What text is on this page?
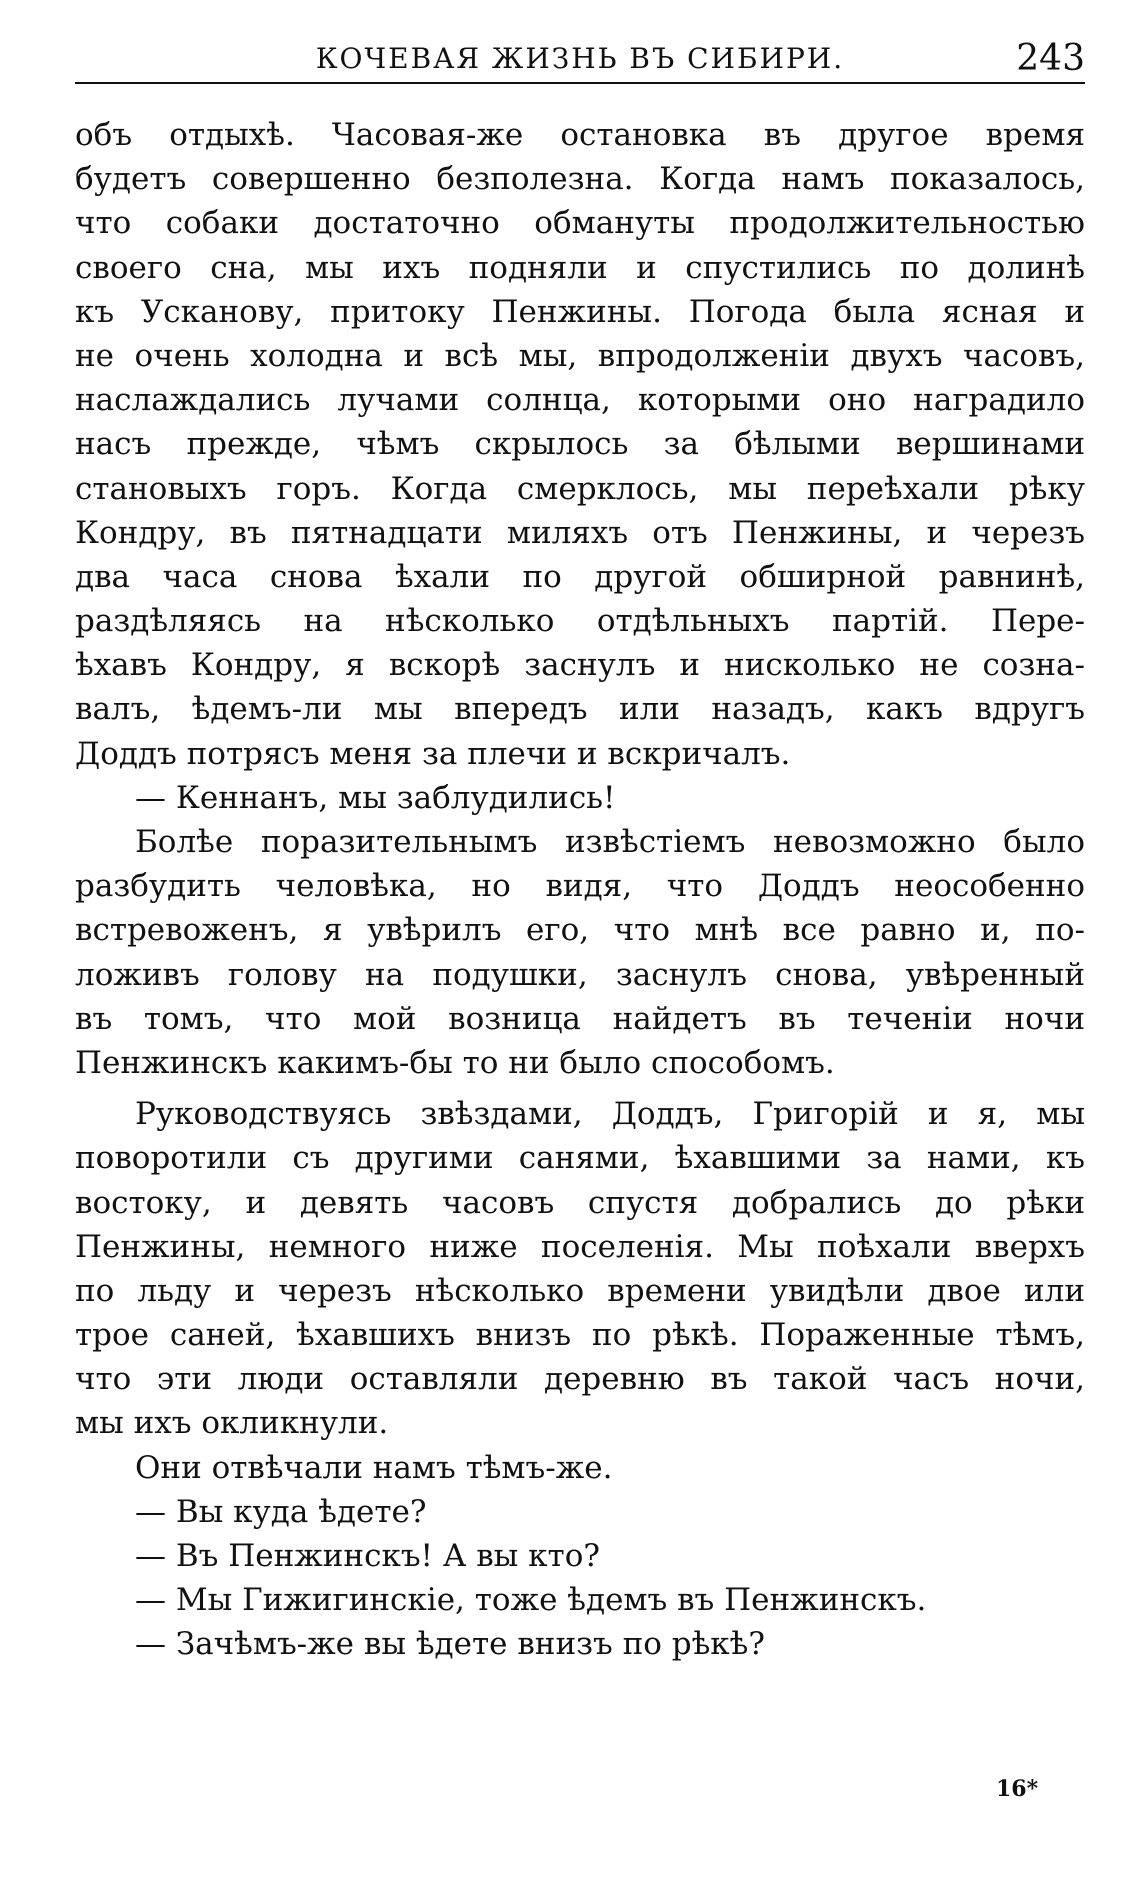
КОЧЕВАЯ ЖИЗНЬ ВЪ СИБИРИ.	243
объ отдыхѣ. Часовая-же остановка въ другое время
будетъ совершенно безполезна. Когда намъ показалось,
что собаки достаточно обмануты продолжительностью
своего сна, мы ихъ подняли и спустились по долинѣ
къ Усканову, притоку Пенжины. Погода была ясная и
не очень холодна и всѣ мы, впродолженіи двухъ часовъ,
наслаждались лучами солнца, которыми оно наградило
насъ прежде, чѣмъ скрылось за бѣлыми вершинами
становыхъ горъ. Когда смерклось, мы переѣхали рѣку
Кондру, въ пятнадцати миляхъ отъ Пенжины, и черезъ
два часа снова ѣхали по другой обширной равнинѣ,
раздѣляясь на нѣсколько отдѣльныхъ партій. Пере-
ѣхавъ Кондру, я вскорѣ заснулъ и нисколько не созна-
валъ, ѣдемъ-ли мы впередъ или назадъ, какъ вдругъ
Доддъ потрясъ меня за плечи и вскричалъ.
— Кеннанъ, мы заблудились!
Болѣе поразительнымъ извѣстіемъ невозможно было
разбудить человѣка, но видя, что Доддъ неособенно
встревоженъ, я увѣрилъ его, что мнѣ все равно и, по-
ложивъ голову на подушки, заснулъ снова, увѣренный
въ томъ, что мой возница найдетъ въ теченіи ночи
Пенжинскъ какимъ-бы то ни было способомъ.
Руководствуясь звѣздами, Доддъ, Григорій и я, мы
поворотили съ другими санями, ѣхавшими за нами, къ
востоку, и девять часовъ спустя добрались до рѣки
Пенжины, немного ниже поселенія. Мы поѣхали вверхъ
по льду и черезъ нѣсколько времени увидѣли двое или
трое саней, ѣхавшихъ внизъ по рѣкѣ. Пораженные тѣмъ,
что эти люди оставляли деревню въ такой часъ ночи,
мы ихъ окликнули.
Они отвѣчали намъ тѣмъ-же.
— Вы куда ѣдете?
— Въ Пенжинскъ! А вы кто?
— Мы Гижигинскіе, тоже ѣдемъ въ Пенжинскъ.
— Зачѣмъ-же вы ѣдете внизъ по рѣкѣ?
16*
